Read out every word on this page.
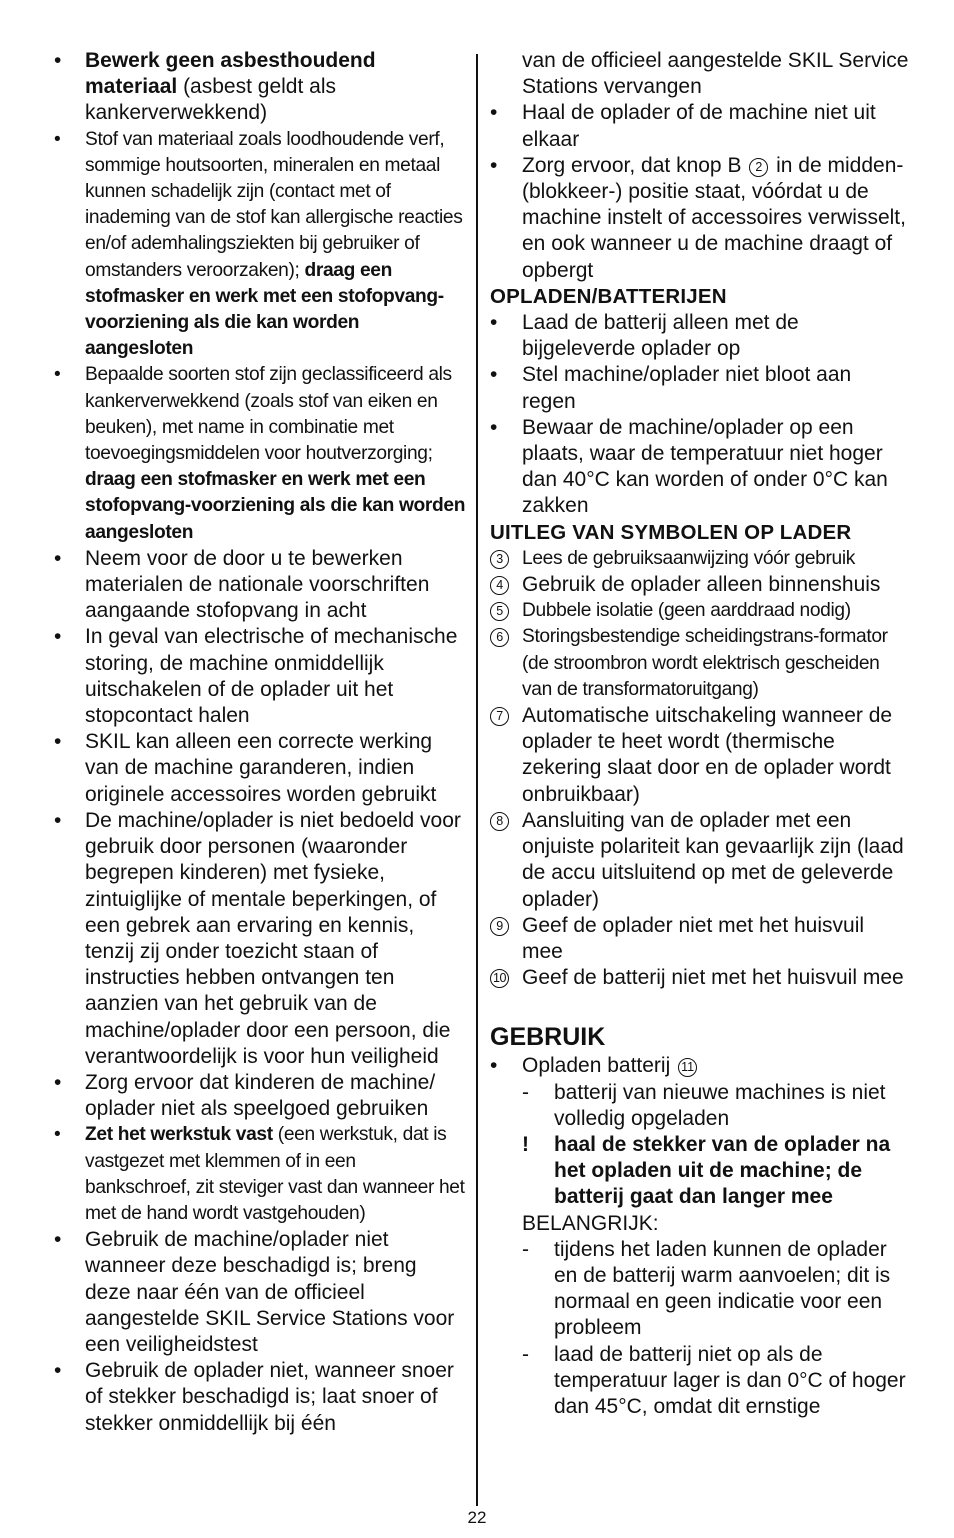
• Bewerk geen asbesthoudend materiaal (asbest geldt als kankerverwekkend)
• Stof van materiaal zoals loodhoudende verf, sommige houtsoorten, mineralen en metaal kunnen schadelijk zijn (contact met of inademing van de stof kan allergische reacties en/of ademhalingsziekten bij gebruiker of omstanders veroorzaken); draag een stofmasker en werk met een stofopvang-voorziening als die kan worden aangesloten
• Bepaalde soorten stof zijn geclassificeerd als kankerverwekkend (zoals stof van eiken en beuken), met name in combinatie met toevoegingsmiddelen voor houtverzorging; draag een stofmasker en werk met een stofopvang-voorziening als die kan worden aangesloten
• Neem voor de door u te bewerken materialen de nationale voorschriften aangaande stofopvang in acht
• In geval van electrische of mechanische storing, de machine onmiddellijk uitschakelen of de oplader uit het stopcontact halen
• SKIL kan alleen een correcte werking van de machine garanderen, indien originele accessoires worden gebruikt
• De machine/oplader is niet bedoeld voor gebruik door personen (waaronder begrepen kinderen) met fysieke, zintuiglijke of mentale beperkingen, of een gebrek aan ervaring en kennis, tenzij zij onder toezicht staan of instructies hebben ontvangen ten aanzien van het gebruik van de machine/oplader door een persoon, die verantwoordelijk is voor hun veiligheid
• Zorg ervoor dat kinderen de machine/ oplader niet als speelgoed gebruiken
• Zet het werkstuk vast (een werkstuk, dat is vastgezet met klemmen of in een bankschroef, zit steviger vast dan wanneer het met de hand wordt vastgehouden)
• Gebruik de machine/oplader niet wanneer deze beschadigd is; breng deze naar één van de officieel aangestelde SKIL Service Stations voor een veiligheidstest
• Gebruik de oplader niet, wanneer snoer of stekker beschadigd is; laat snoer of stekker onmiddellijk bij één
van de officieel aangestelde SKIL Service Stations vervangen
• Haal de oplader of de machine niet uit elkaar
• Zorg ervoor, dat knop B 2 in de midden- (blokkeer-) positie staat, vóórdat u de machine instelt of accessoires verwisselt, en ook wanneer u de machine draagt of opbergt
OPLADEN/BATTERIJEN
• Laad de batterij alleen met de bijgeleverde oplader op
• Stel machine/oplader niet bloot aan regen
• Bewaar de machine/oplader op een plaats, waar de temperatuur niet hoger dan 40°C kan worden of onder 0°C kan zakken
UITLEG VAN SYMBOLEN OP LADER
3	Lees de gebruiksaanwijzing vóór gebruik
4 Gebruik de oplader alleen binnenshuis
5	Dubbele isolatie (geen aarddraad nodig)
6	Storingsbestendige scheidingstrans-formator (de stroombron wordt elektrisch gescheiden van de transformatoruitgang)
7 Automatische uitschakeling wanneer de oplader te heet wordt (thermische zekering slaat door en de oplader wordt onbruikbaar)
8 Aansluiting van de oplader met een onjuiste polariteit kan gevaarlijk zijn (laad de accu uitsluitend op met de geleverde oplader)
9 Geef de oplader niet met het huisvuil mee
10 Geef de batterij niet met het huisvuil mee
GEBRUIK
• Opladen batterij 11
- batterij van nieuwe machines is niet volledig opgeladen
! haal de stekker van de oplader na het opladen uit de machine; de batterij gaat dan langer mee
BELANGRIJK:
- tijdens het laden kunnen de oplader en de batterij warm aanvoelen; dit is normaal en geen indicatie voor een probleem
- laad de batterij niet op als de temperatuur lager is dan 0°C of hoger dan 45°C, omdat dit ernstige
22
